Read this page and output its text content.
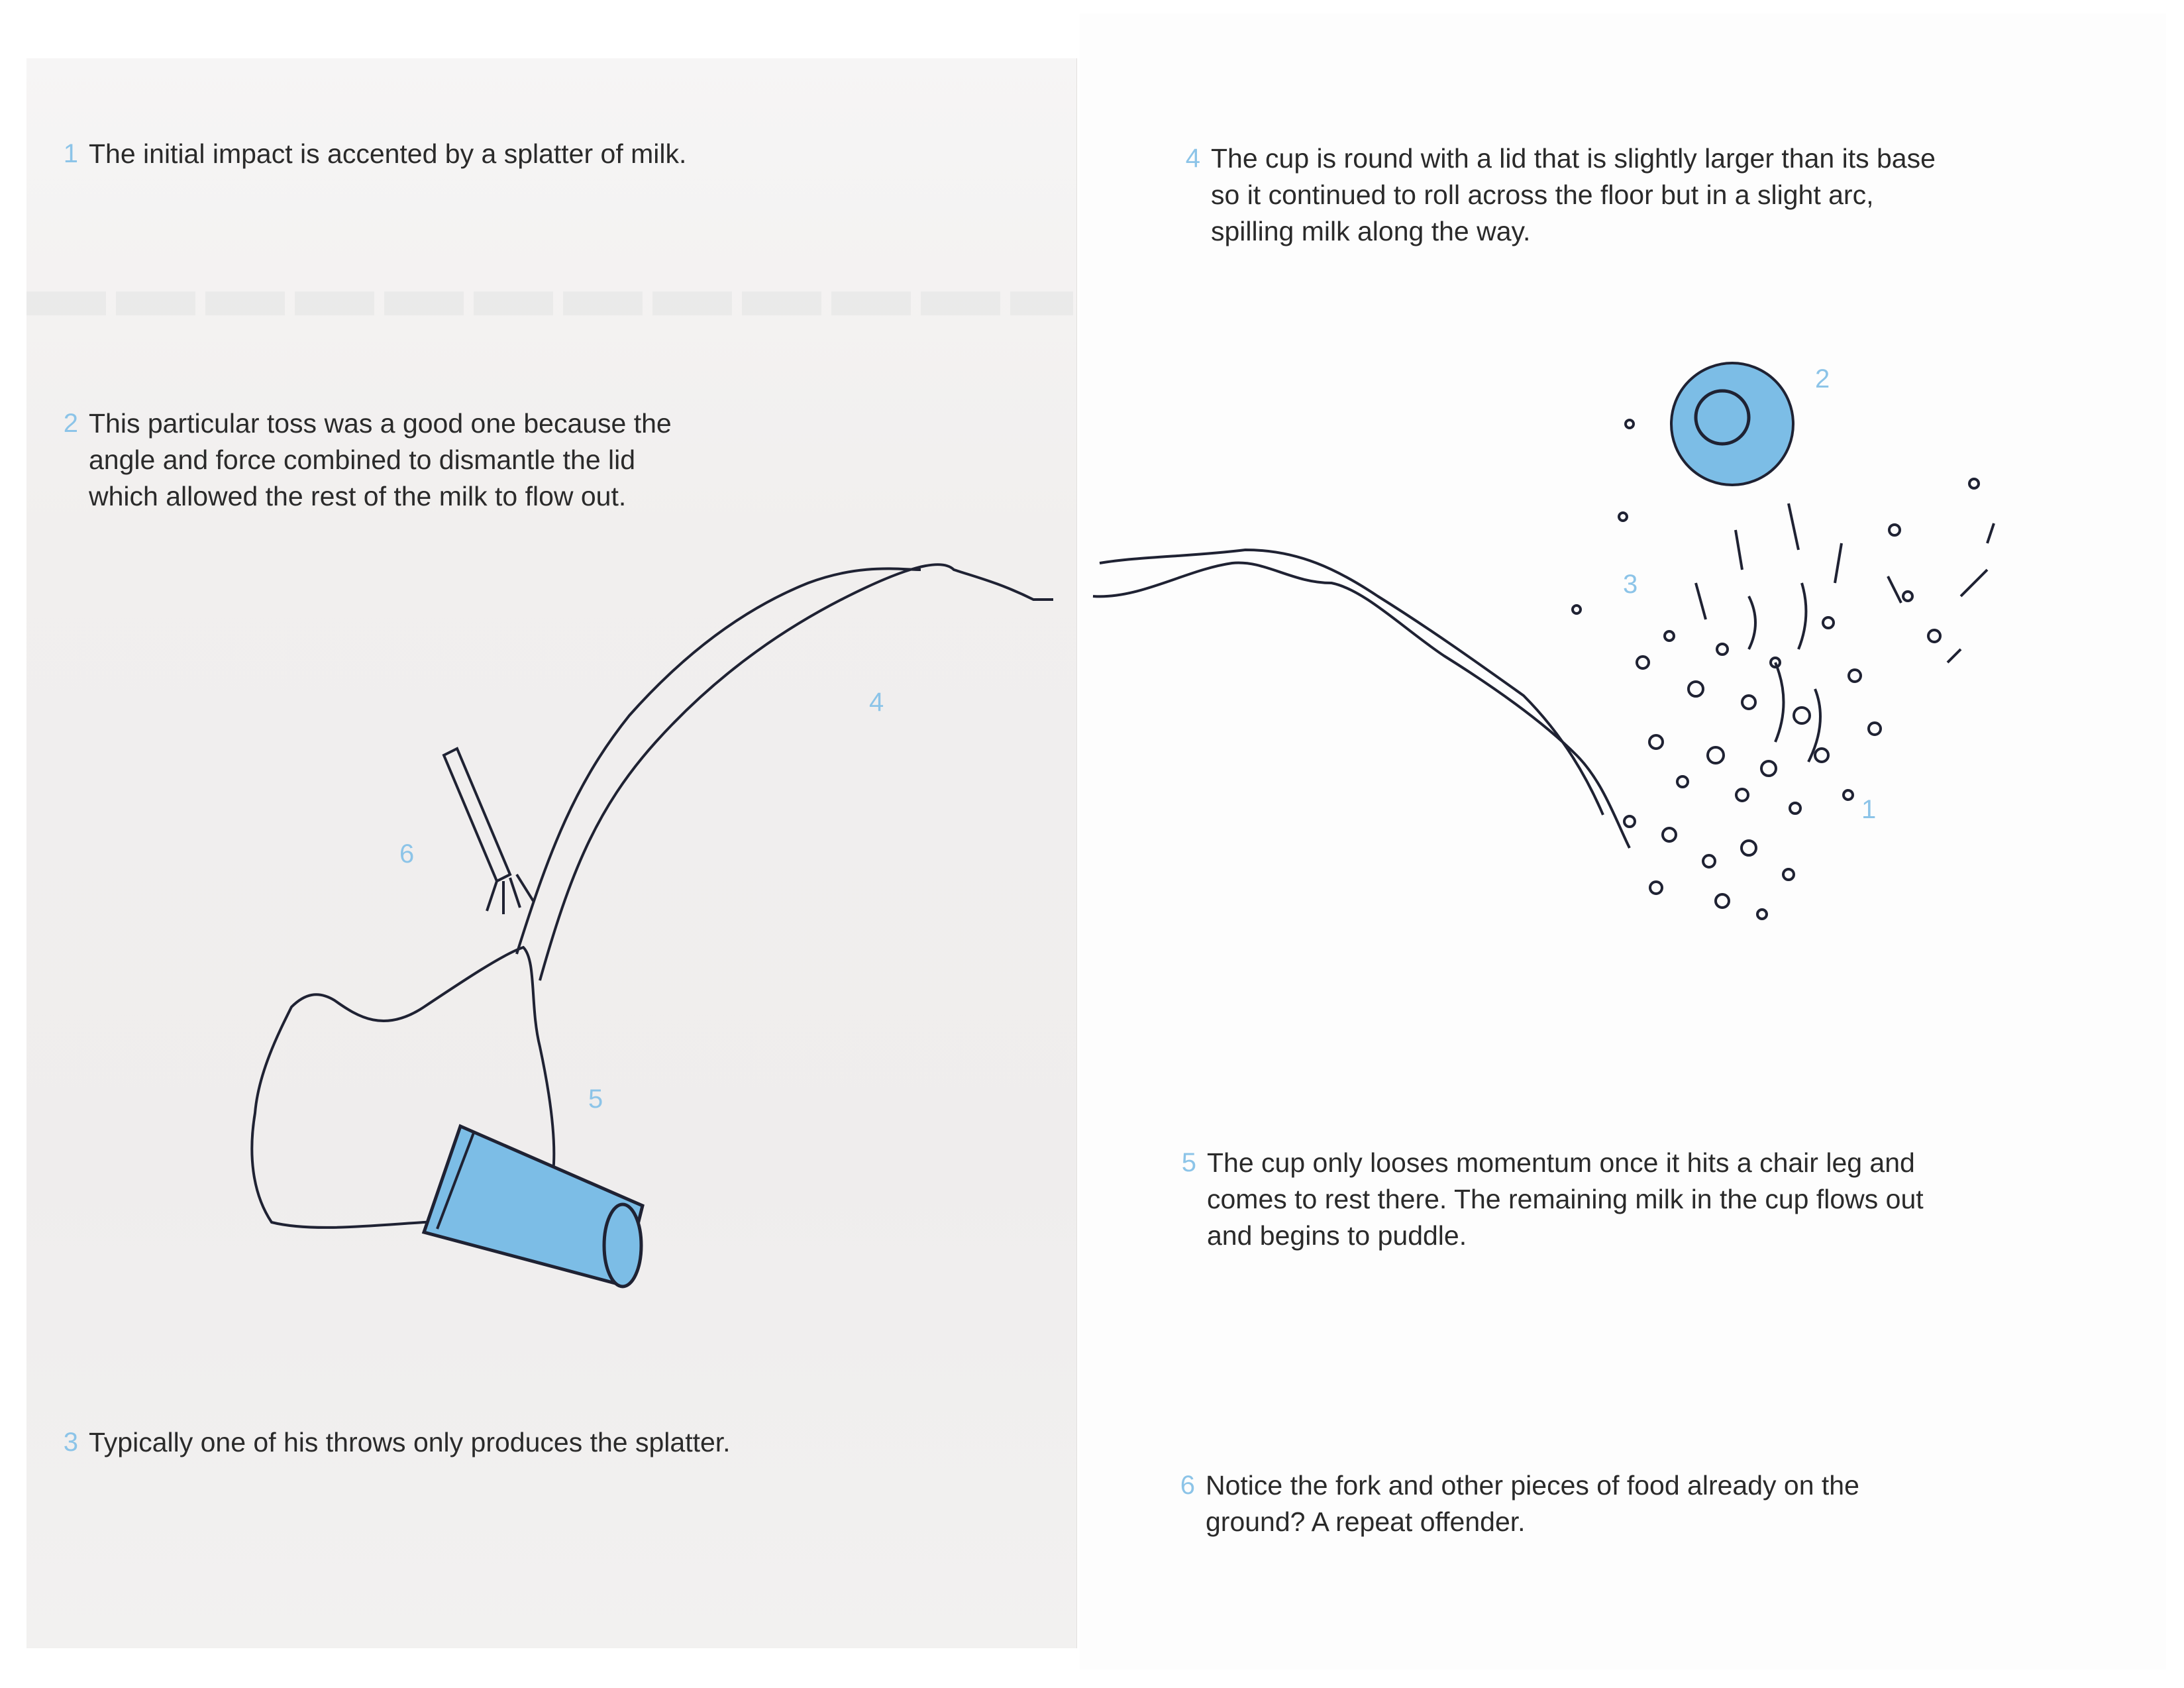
1
2
3
4
5
6
1 The initial impact is accented by a splatter of milk.
2 This particular toss was a good one because the angle and force combined to dismantle the lid which allowed the rest of the milk to flow out.
3 Typically one of his throws only produces the splatter.
4 The cup is round with a lid that is slightly larger than its base so it continued to roll across the floor but in a slight arc, spilling milk along the way.
5 The cup only looses momentum once it hits a chair leg and comes to rest there. The remaining milk in the cup flows out and begins to puddle.
6 Notice the fork and other pieces of food already on the ground? A repeat offender.
